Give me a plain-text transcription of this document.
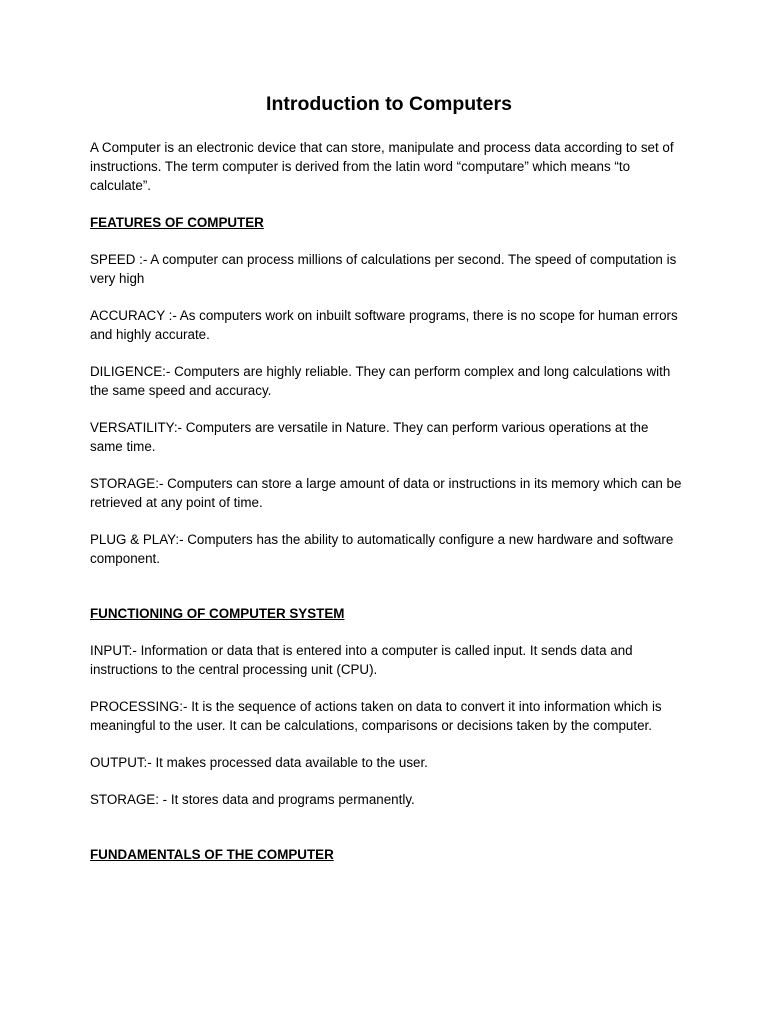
Introduction to Computers

A Computer is an electronic device that can store, manipulate and process data according to set of instructions. The term computer is derived from the latin word “computare” which means “to calculate”.

FEATURES OF COMPUTER

SPEED :- A computer can process millions of calculations per second. The speed of computation is very high

ACCURACY :- As computers work on inbuilt software programs, there is no scope for human errors and highly accurate.

DILIGENCE:- Computers are highly reliable. They can perform complex and long calculations with the same speed and accuracy.

VERSATILITY:- Computers are versatile in Nature. They can perform various operations at the same time.

STORAGE:- Computers can store a large amount of data or instructions in its memory which can be retrieved at any point of time.

PLUG & PLAY:- Computers has the ability to automatically configure a new hardware and software component.

FUNCTIONING OF COMPUTER SYSTEM

INPUT:- Information or data that is entered into a computer is called input. It sends data and instructions to the central processing unit (CPU).

PROCESSING:- It is the sequence of actions taken on data to convert it into information which is meaningful to the user. It can be calculations, comparisons or decisions taken by the computer.

OUTPUT:- It makes processed data available to the user.

STORAGE: - It stores data and programs permanently.

FUNDAMENTALS OF THE COMPUTER
